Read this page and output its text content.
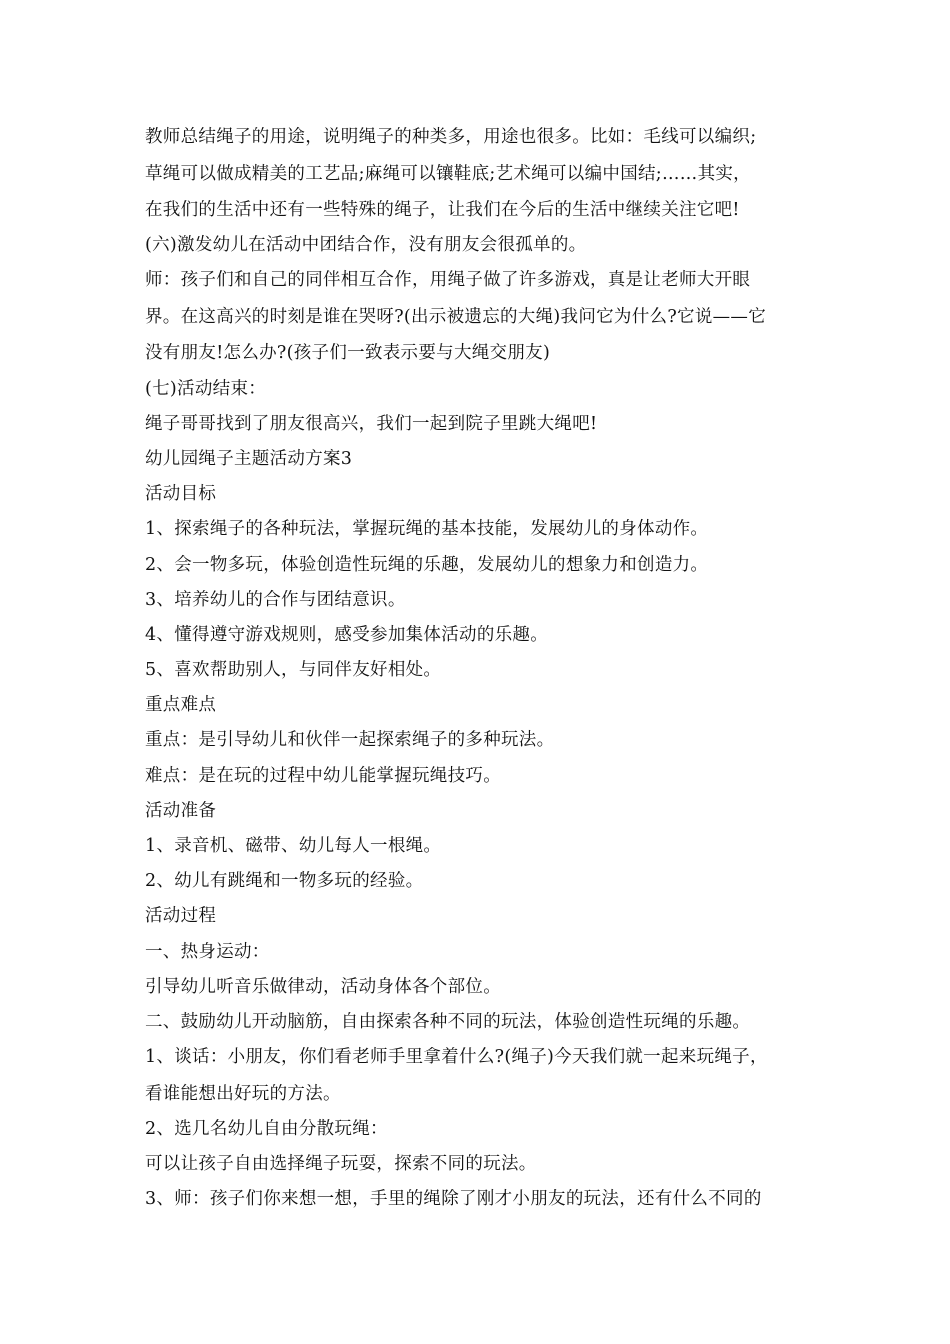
教师总结绳子的用途，说明绳子的种类多，用途也很多。比如：毛线可以编织;
草绳可以做成精美的工艺品;麻绳可以镶鞋底;艺术绳可以编中国结;……其实，
在我们的生活中还有一些特殊的绳子，让我们在今后的生活中继续关注它吧!
(六)激发幼儿在活动中团结合作，没有朋友会很孤单的。
师：孩子们和自己的同伴相互合作，用绳子做了许多游戏，真是让老师大开眼
界。在这高兴的时刻是谁在哭呀?(出示被遗忘的大绳)我问它为什么?它说——它
没有朋友!怎么办?(孩子们一致表示要与大绳交朋友)
(七)活动结束：
绳子哥哥找到了朋友很高兴，我们一起到院子里跳大绳吧!
幼儿园绳子主题活动方案3
活动目标
1、探索绳子的各种玩法，掌握玩绳的基本技能，发展幼儿的身体动作。
2、会一物多玩，体验创造性玩绳的乐趣，发展幼儿的想象力和创造力。
3、培养幼儿的合作与团结意识。
4、懂得遵守游戏规则，感受参加集体活动的乐趣。
5、喜欢帮助别人，与同伴友好相处。
重点难点
重点：是引导幼儿和伙伴一起探索绳子的多种玩法。
难点：是在玩的过程中幼儿能掌握玩绳技巧。
活动准备
1、录音机、磁带、幼儿每人一根绳。
2、幼儿有跳绳和一物多玩的经验。
活动过程
一、热身运动：
引导幼儿听音乐做律动，活动身体各个部位。
二、鼓励幼儿开动脑筋，自由探索各种不同的玩法，体验创造性玩绳的乐趣。
1、谈话：小朋友，你们看老师手里拿着什么?(绳子)今天我们就一起来玩绳子，
看谁能想出好玩的方法。
2、选几名幼儿自由分散玩绳：
可以让孩子自由选择绳子玩耍，探索不同的玩法。
3、师：孩子们你来想一想，手里的绳除了刚才小朋友的玩法，还有什么不同的
